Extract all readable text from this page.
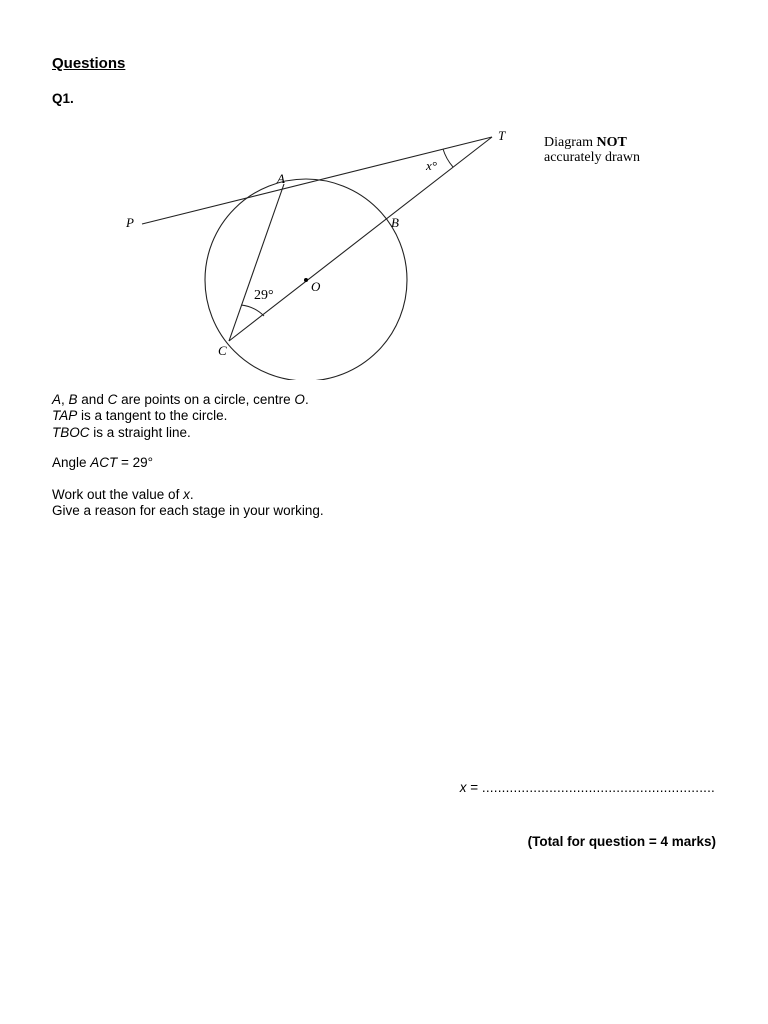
Questions
Q1.
T
A
P	B
C
O
x°
29°
Diagram NOT
accurately drawn
A, B and C are points on a circle, centre O.
TAP is a tangent to the circle.
TBOC is a straight line.
Angle ACT = 29°
Work out the value of x.
Give a reason for each stage in your working.
x = ...........................................................
(Total for question = 4 marks)
